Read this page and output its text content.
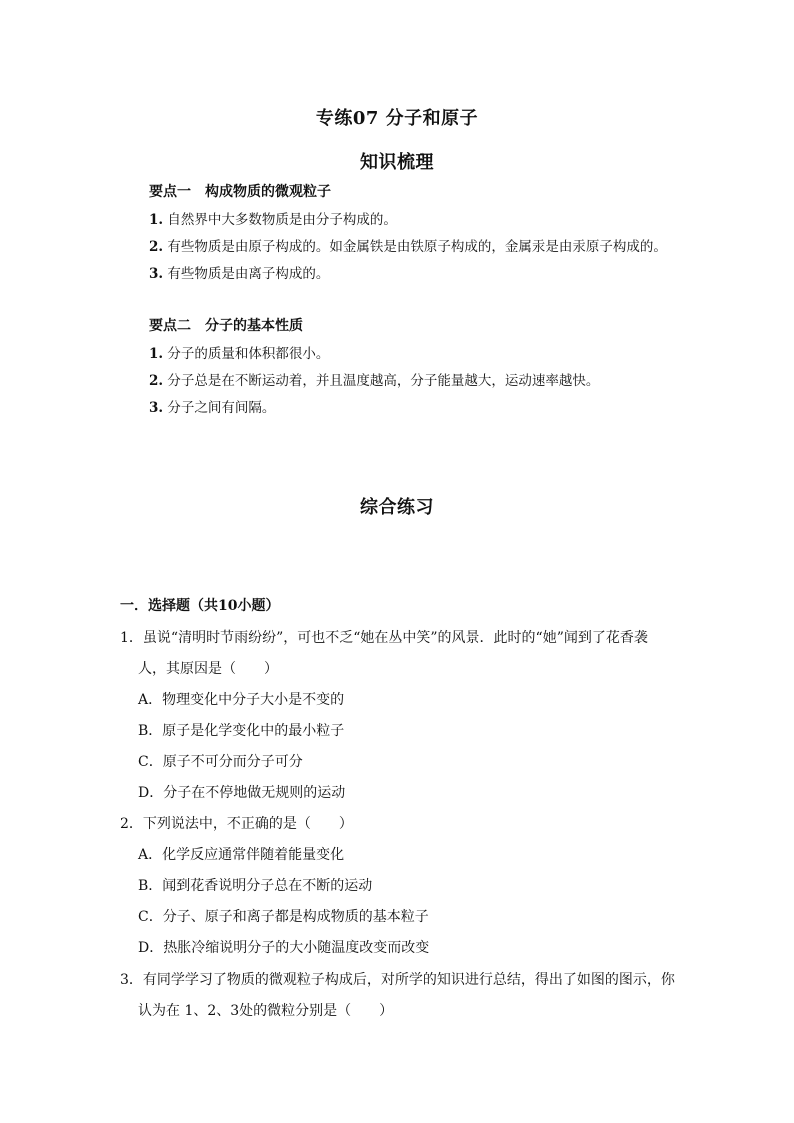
专练07 分子和原子
知识梳理
要点一 构成物质的微观粒子
1. 自然界中大多数物质是由分子构成的。
2. 有些物质是由原子构成的。如金属铁是由铁原子构成的，金属汞是由汞原子构成的。
3. 有些物质是由离子构成的。
要点二 分子的基本性质
1. 分子的质量和体积都很小。
2. 分子总是在不断运动着，并且温度越高，分子能量越大，运动速率越快。
3. 分子之间有间隔。
综合练习
一．选择题（共10小题）
1．虽说“清明时节雨纷纷”，可也不乏“她在丛中笑”的风景．此时的“她”闻到了花香袭
人，其原因是（　　）
A．物理变化中分子大小是不变的
B．原子是化学变化中的最小粒子
C．原子不可分而分子可分
D．分子在不停地做无规则的运动
2．下列说法中，不正确的是（　　）
A．化学反应通常伴随着能量变化
B．闻到花香说明分子总在不断的运动
C．分子、原子和离子都是构成物质的基本粒子
D．热胀冷缩说明分子的大小随温度改变而改变
3．有同学学习了物质的微观粒子构成后，对所学的知识进行总结，得出了如图的图示，你
认为在 1、2、3处的微粒分别是（　　）
